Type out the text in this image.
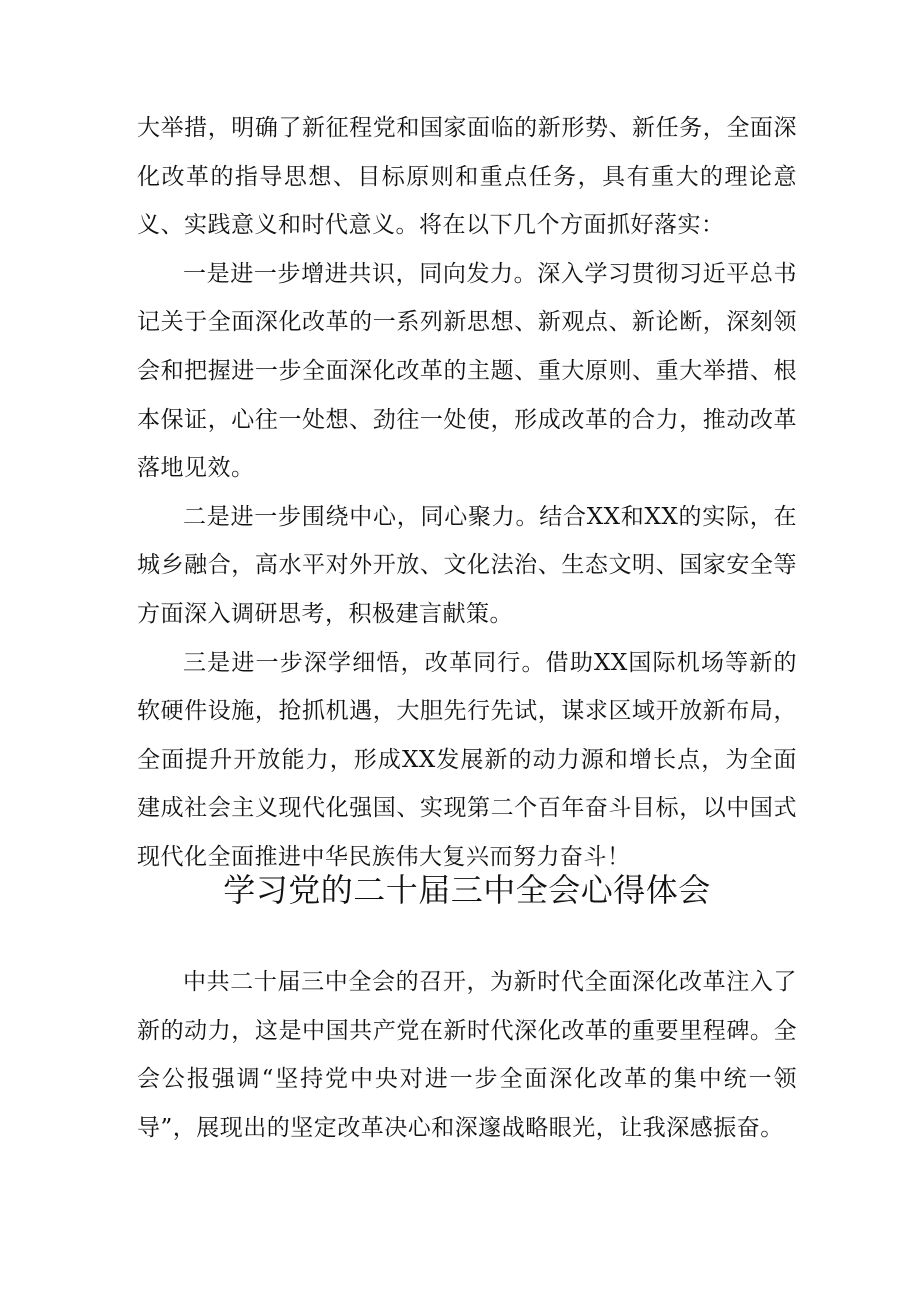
大举措，明确了新征程党和国家面临的新形势、新任务，全面深化改革的指导思想、目标原则和重点任务，具有重大的理论意义、实践意义和时代意义。将在以下几个方面抓好落实：

一是进一步增进共识，同向发力。深入学习贯彻习近平总书记关于全面深化改革的一系列新思想、新观点、新论断，深刻领会和把握进一步全面深化改革的主题、重大原则、重大举措、根本保证，心往一处想、劲往一处使，形成改革的合力，推动改革落地见效。

二是进一步围绕中心，同心聚力。结合XX和XX的实际，在城乡融合，高水平对外开放、文化法治、生态文明、国家安全等方面深入调研思考，积极建言献策。

三是进一步深学细悟，改革同行。借助XX国际机场等新的软硬件设施，抢抓机遇，大胆先行先试，谋求区域开放新布局，全面提升开放能力，形成XX发展新的动力源和增长点，为全面建成社会主义现代化强国、实现第二个百年奋斗目标，以中国式现代化全面推进中华民族伟大复兴而努力奋斗！

学习党的二十届三中全会心得体会

中共二十届三中全会的召开，为新时代全面深化改革注入了新的动力，这是中国共产党在新时代深化改革的重要里程碑。全会公报强调“坚持党中央对进一步全面深化改革的集中统一领导”，展现出的坚定改革决心和深邃战略眼光，让我深感振奋。
